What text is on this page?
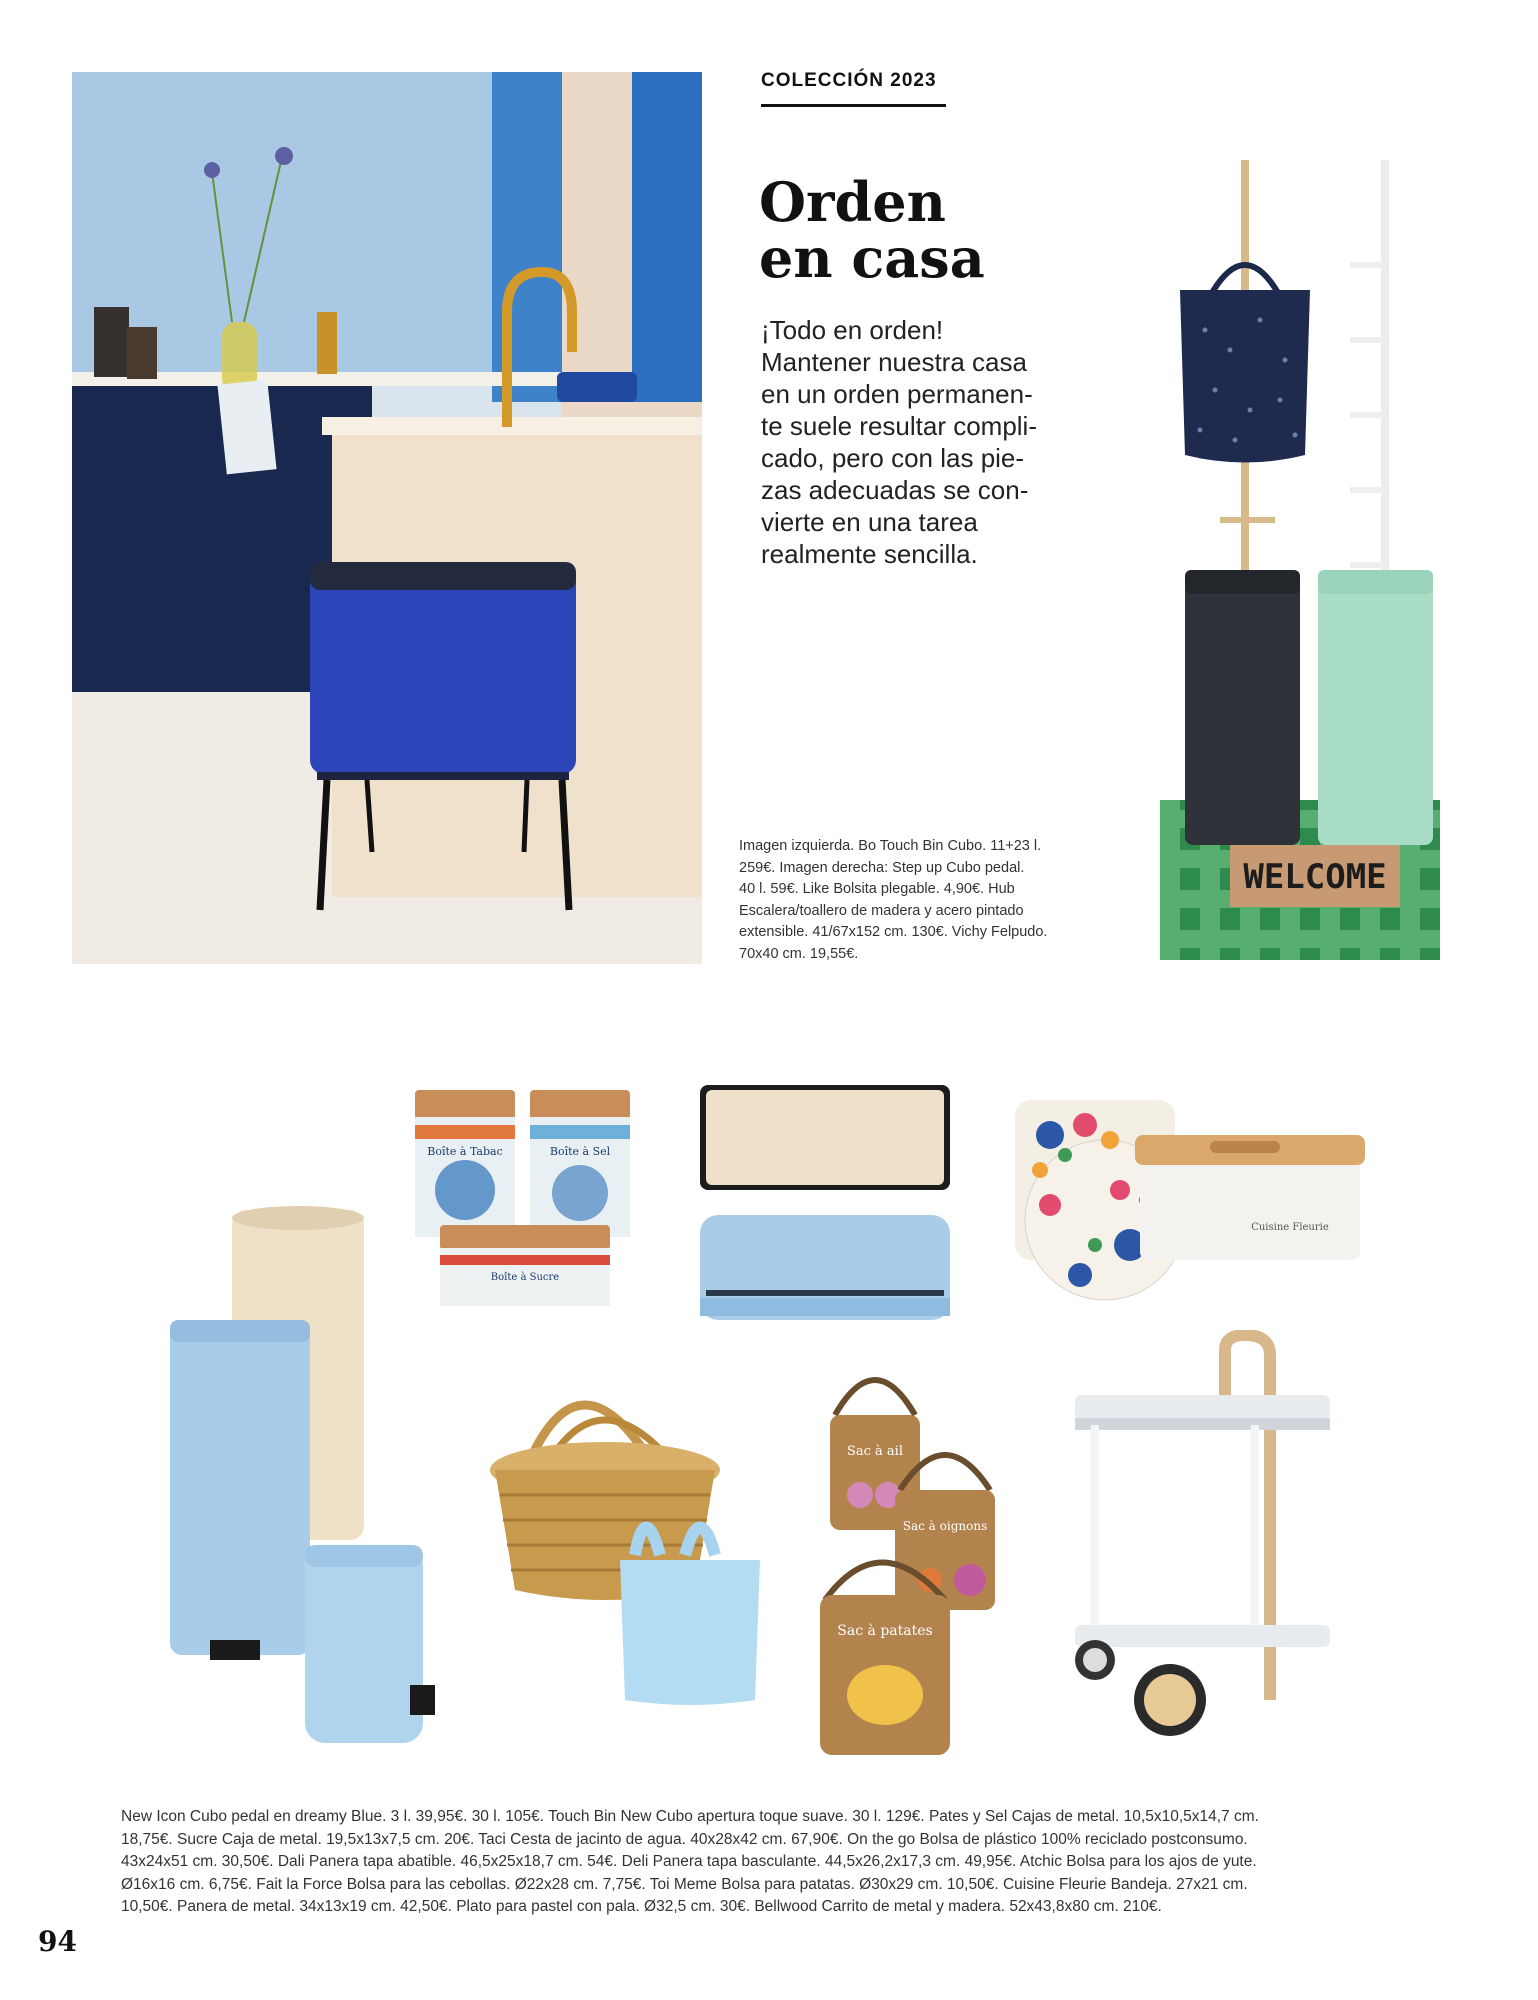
COLECCIÓN 2023
Orden
en casa
¡Todo en orden!
Mantener nuestra casa
en un orden permanen-
te suele resultar compli-
cado, pero con las pie-
zas adecuadas se con-
vierte en una tarea
realmente sencilla.
WELCOME
Imagen izquierda. Bo Touch Bin Cubo. 11+23 l.
259€. Imagen derecha: Step up Cubo pedal.
40 l. 59€. Like Bolsita plegable. 4,90€. Hub
Escalera/toallero de madera y acero pintado
extensible. 41/67x152 cm. 130€. Vichy Felpudo.
70x40 cm. 19,55€.
Boîte à Tabac	Boîte à Sel
Boîte à Sucre
Cuisine Fleurie
Sac à ail
Sac à oignons
Sac à patates
New Icon Cubo pedal en dreamy Blue. 3 l. 39,95€. 30 l. 105€. Touch Bin New Cubo apertura toque suave. 30 l. 129€. Pates y Sel Cajas de metal. 10,5x10,5x14,7 cm.
18,75€. Sucre Caja de metal. 19,5x13x7,5 cm. 20€. Taci Cesta de jacinto de agua. 40x28x42 cm. 67,90€. On the go Bolsa de plástico 100% reciclado postconsumo.
43x24x51 cm. 30,50€. Dali Panera tapa abatible. 46,5x25x18,7 cm. 54€. Deli Panera tapa basculante. 44,5x26,2x17,3 cm. 49,95€. Atchic Bolsa para los ajos de yute.
Ø16x16 cm. 6,75€. Fait la Force Bolsa para las cebollas. Ø22x28 cm. 7,75€. Toi Meme Bolsa para patatas. Ø30x29 cm. 10,50€. Cuisine Fleurie Bandeja. 27x21 cm.
10,50€. Panera de metal. 34x13x19 cm. 42,50€. Plato para pastel con pala. Ø32,5 cm. 30€. Bellwood Carrito de metal y madera. 52x43,8x80 cm. 210€.
94
